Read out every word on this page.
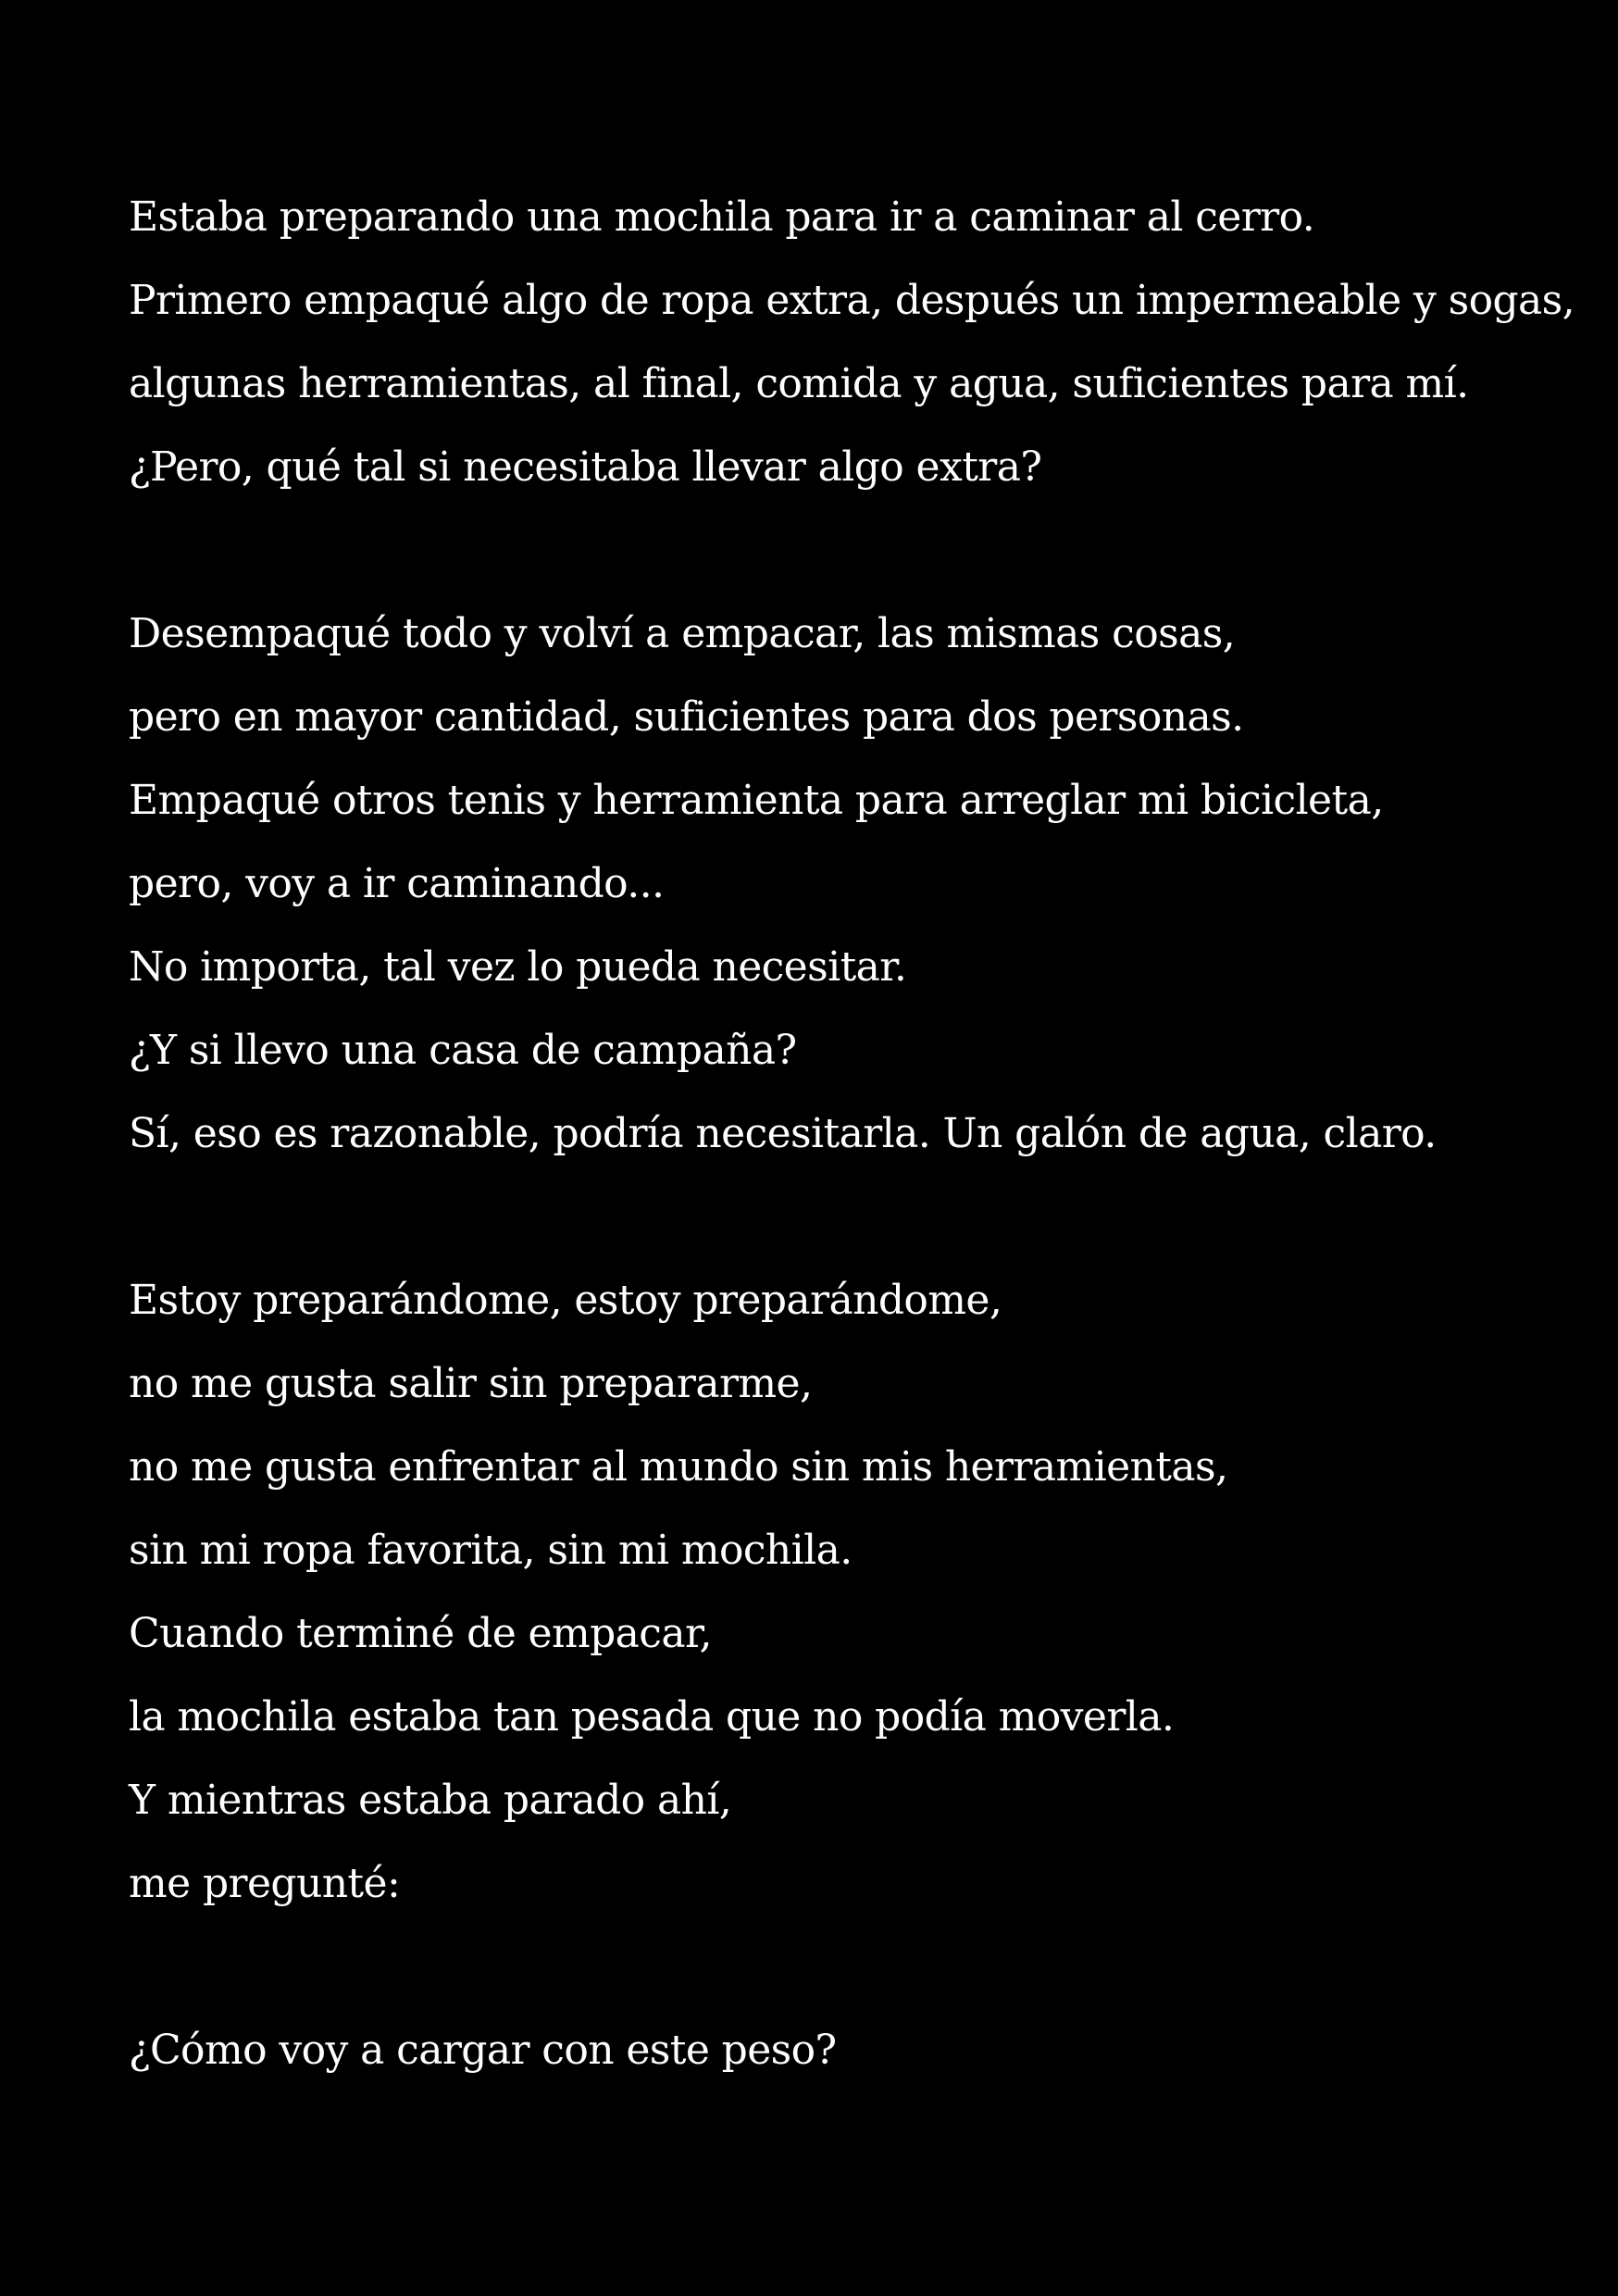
Estaba preparando una mochila para ir a caminar al cerro.
Primero empaqué algo de ropa extra, después un impermeable y sogas,
algunas herramientas, al final, comida y agua, suficientes para mí.
¿Pero, qué tal si necesitaba llevar algo extra?
Desempaqué todo y volví a empacar, las mismas cosas,
pero en mayor cantidad, suficientes para dos personas.
Empaqué otros tenis y herramienta para arreglar mi bicicleta,
pero, voy a ir caminando...
No importa, tal vez lo pueda necesitar.
¿Y si llevo una casa de campaña?
Sí, eso es razonable, podría necesitarla. Un galón de agua, claro.
Estoy preparándome, estoy preparándome,
no me gusta salir sin prepararme,
no me gusta enfrentar al mundo sin mis herramientas,
sin mi ropa favorita, sin mi mochila.
Cuando terminé de empacar,
la mochila estaba tan pesada que no podía moverla.
Y mientras estaba parado ahí,
me pregunté:
¿Cómo voy a cargar con este peso?
